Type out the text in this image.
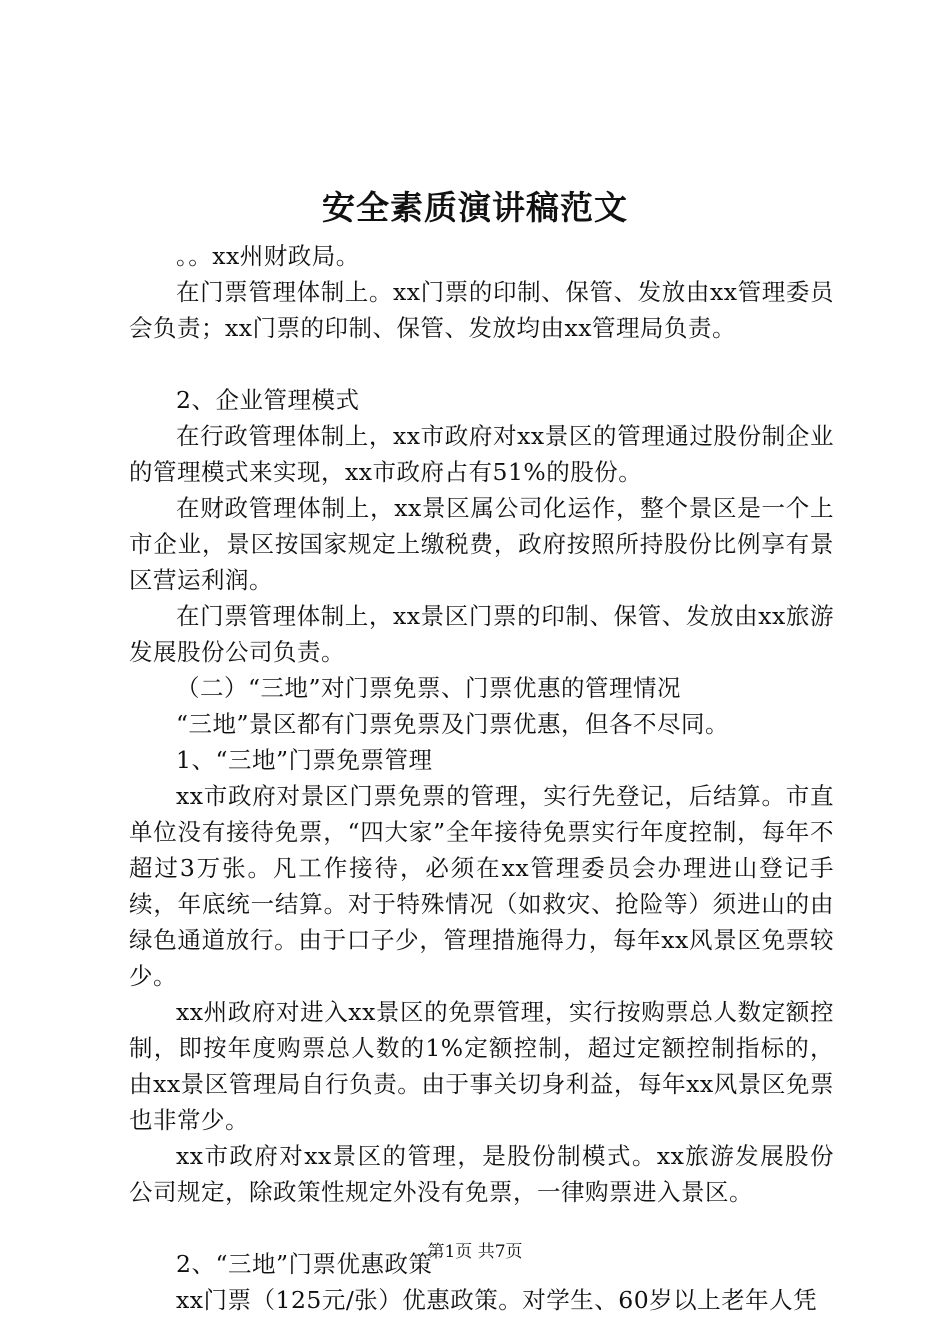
安全素质演讲稿范文

。。xx州财政局。

在门票管理体制上。xx门票的印制、保管、发放由xx管理委员会负责；xx门票的印制、保管、发放均由xx管理局负责。

2、企业管理模式

在行政管理体制上，xx市政府对xx景区的管理通过股份制企业的管理模式来实现，xx市政府占有51%的股份。

在财政管理体制上，xx景区属公司化运作，整个景区是一个上市企业，景区按国家规定上缴税费，政府按照所持股份比例享有景区营运利润。

在门票管理体制上，xx景区门票的印制、保管、发放由xx旅游发展股份公司负责。

（二）“三地”对门票免票、门票优惠的管理情况

“三地”景区都有门票免票及门票优惠，但各不尽同。

1、“三地”门票免票管理

xx市政府对景区门票免票的管理，实行先登记，后结算。市直单位没有接待免票，“四大家”全年接待免票实行年度控制，每年不超过3万张。凡工作接待，必须在xx管理委员会办理进山登记手续，年底统一结算。对于特殊情况（如救灾、抢险等）须进山的由绿色通道放行。由于口子少，管理措施得力，每年xx风景区免票较少。

xx州政府对进入xx景区的免票管理，实行按购票总人数定额控制，即按年度购票总人数的1%定额控制，超过定额控制指标的，由xx景区管理局自行负责。由于事关切身利益，每年xx风景区免票也非常少。

xx市政府对xx景区的管理，是股份制模式。xx旅游发展股份公司规定，除政策性规定外没有免票，一律购票进入景区。

2、“三地”门票优惠政策

xx门票（125元/张）优惠政策。对学生、60岁以上老年人凭

第1页 共7页
